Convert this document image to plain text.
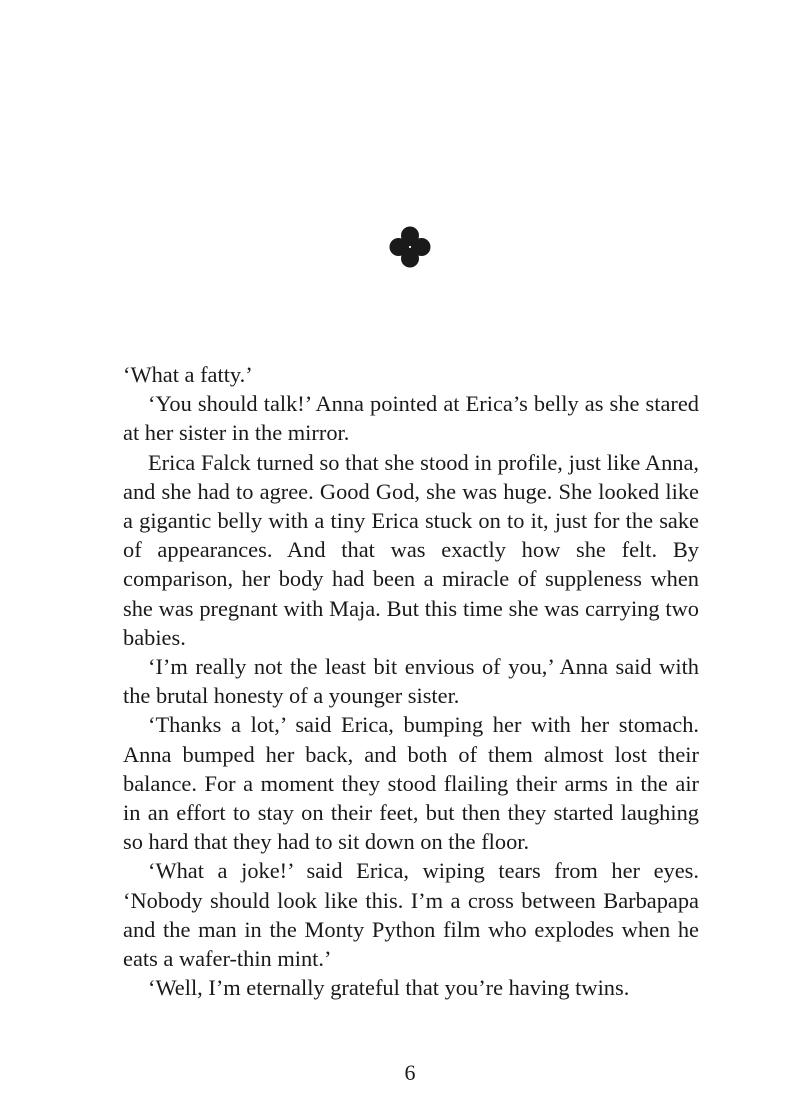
‘What a fatty.’

‘You should talk!’ Anna pointed at Erica’s belly as she stared at her sister in the mirror.

Erica Falck turned so that she stood in profile, just like Anna, and she had to agree. Good God, she was huge. She looked like a gigantic belly with a tiny Erica stuck on to it, just for the sake of appearances. And that was exactly how she felt. By comparison, her body had been a miracle of suppleness when she was pregnant with Maja. But this time she was carrying two babies.

‘I’m really not the least bit envious of you,’ Anna said with the brutal honesty of a younger sister.

‘Thanks a lot,’ said Erica, bumping her with her stomach. Anna bumped her back, and both of them almost lost their balance. For a moment they stood flailing their arms in the air in an effort to stay on their feet, but then they started laughing so hard that they had to sit down on the floor.

‘What a joke!’ said Erica, wiping tears from her eyes. ‘Nobody should look like this. I’m a cross between Barbapapa and the man in the Monty Python film who explodes when he eats a wafer-thin mint.’

‘Well, I’m eternally grateful that you’re having twins.

6
